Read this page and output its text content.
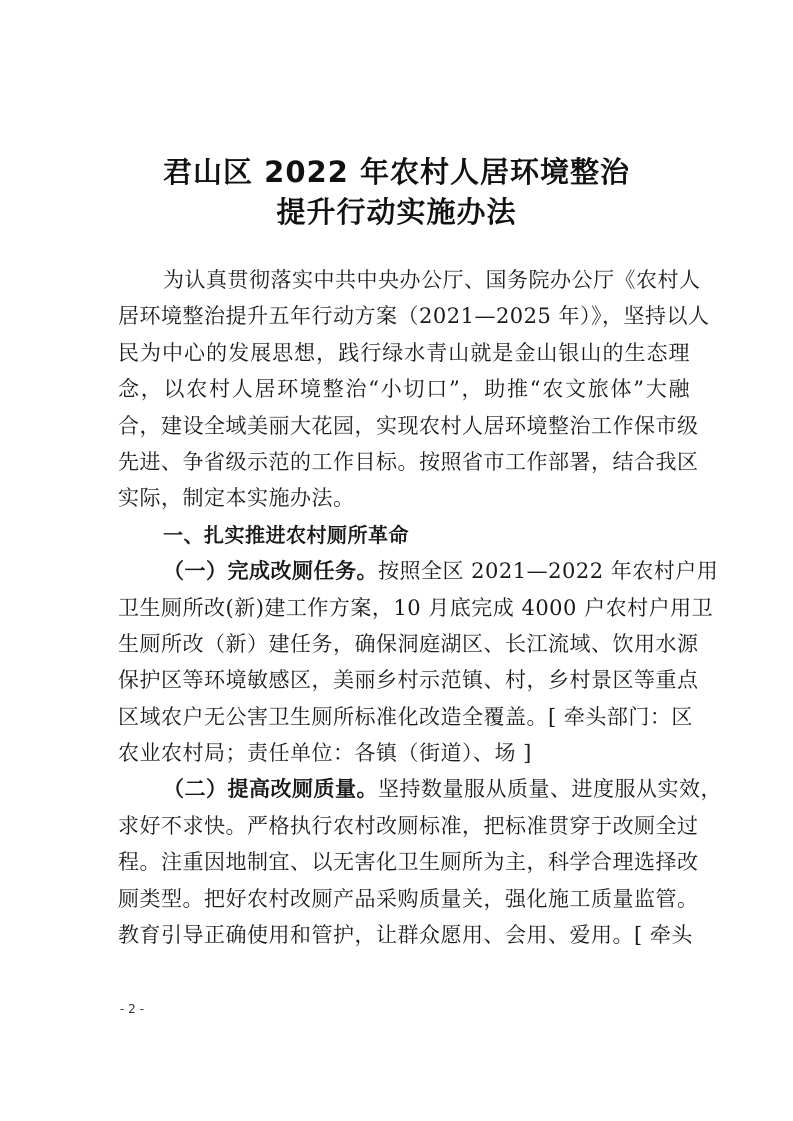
君山区 2022 年农村人居环境整治
提升行动实施办法
为认真贯彻落实中共中央办公厅、国务院办公厅《农村人
居环境整治提升五年行动方案（2021—2025 年）》，坚持以人
民为中心的发展思想，践行绿水青山就是金山银山的生态理
念，以农村人居环境整治“小切口”，助推“农文旅体”大融
合，建设全域美丽大花园，实现农村人居环境整治工作保市级
先进、争省级示范的工作目标。按照省市工作部署，结合我区
实际，制定本实施办法。
一、扎实推进农村厕所革命
（一）完成改厕任务。按照全区 2021—2022 年农村户用
卫生厕所改(新)建工作方案，10 月底完成 4000 户农村户用卫
生厕所改（新）建任务，确保洞庭湖区、长江流域、饮用水源
保护区等环境敏感区，美丽乡村示范镇、村，乡村景区等重点
区域农户无公害卫生厕所标准化改造全覆盖。[ 牵头部门：区
农业农村局；责任单位：各镇（街道）、场 ]
（二）提高改厕质量。坚持数量服从质量、进度服从实效，
求好不求快。严格执行农村改厕标准，把标准贯穿于改厕全过
程。注重因地制宜、以无害化卫生厕所为主，科学合理选择改
厕类型。把好农村改厕产品采购质量关，强化施工质量监管。
教育引导正确使用和管护，让群众愿用、会用、爱用。[ 牵头
- 2 -
